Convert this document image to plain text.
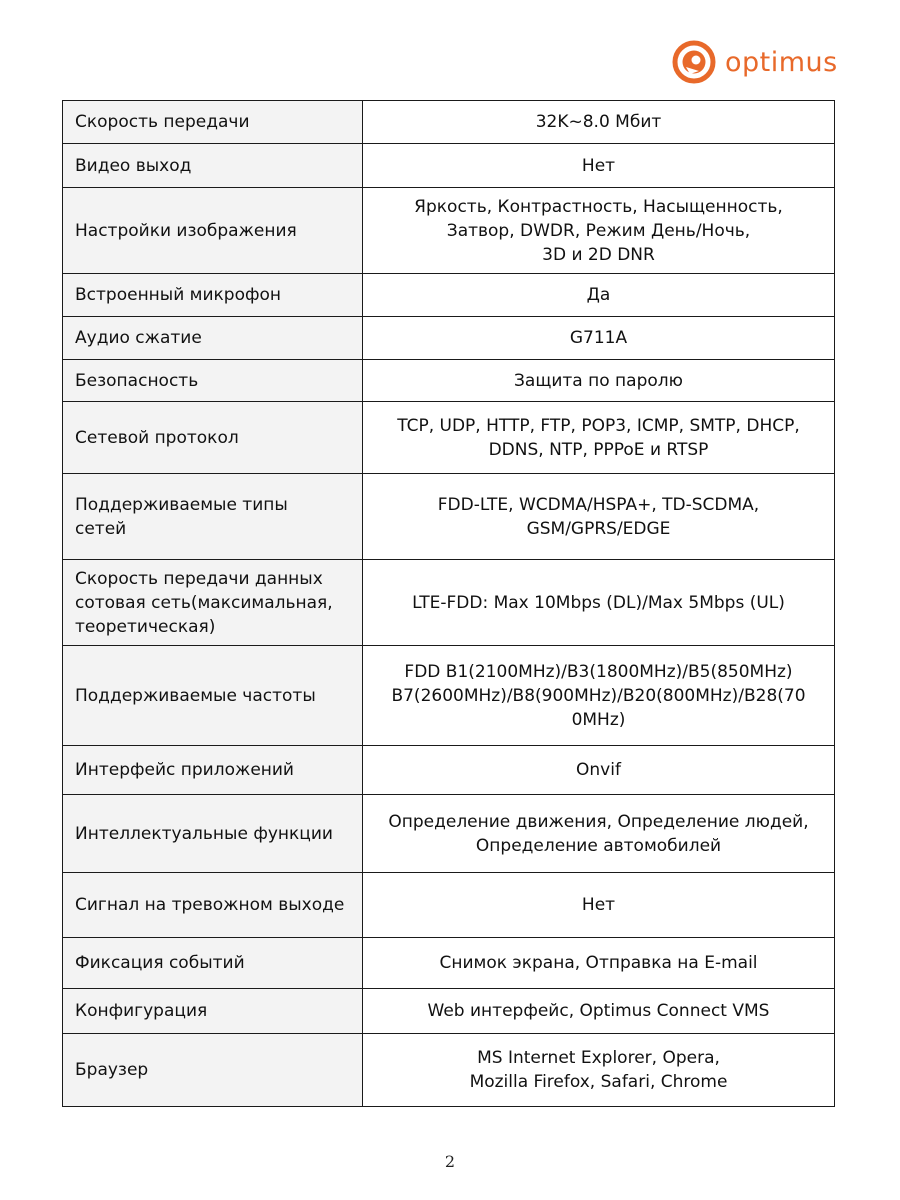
optimus
Скорость передачи	32K~8.0 Мбит
Видео выход	Нет
Настройки изображения	Яркость, Контрастность, Насыщенность,
Затвор, DWDR, Режим День/Ночь,
3D и 2D DNR
Встроенный микрофон	Да
Аудио сжатие	G711A
Безопасность	Защита по паролю
Сетевой протокол	TCP, UDP, HTTP, FTP, POP3, ICMP, SMTP, DHCP,
DDNS, NTP, PPPoE и RTSP
Поддерживаемые типы
сетей	FDD-LTE, WCDMA/HSPA+, TD-SCDMA,
GSM/GPRS/EDGE
Скорость передачи данных
сотовая сеть(максимальная,
теоретическая)	LTE-FDD: Max 10Mbps (DL)/Max 5Mbps (UL)
Поддерживаемые частоты	FDD B1(2100MHz)/B3(1800MHz)/B5(850MHz)
B7(2600MHz)/B8(900MHz)/B20(800MHz)/B28(70
0MHz)
Интерфейс приложений	Onvif
Интеллектуальные функции	Определение движения, Определение людей,
Определение автомобилей
Сигнал на тревожном выходе	Нет
Фиксация событий	Снимок экрана, Отправка на E-mail
Конфигурация	Web интерфейс, Optimus Connect VMS
Браузер	MS Internet Explorer, Opera,
Mozilla Firefox, Safari, Chrome
2
